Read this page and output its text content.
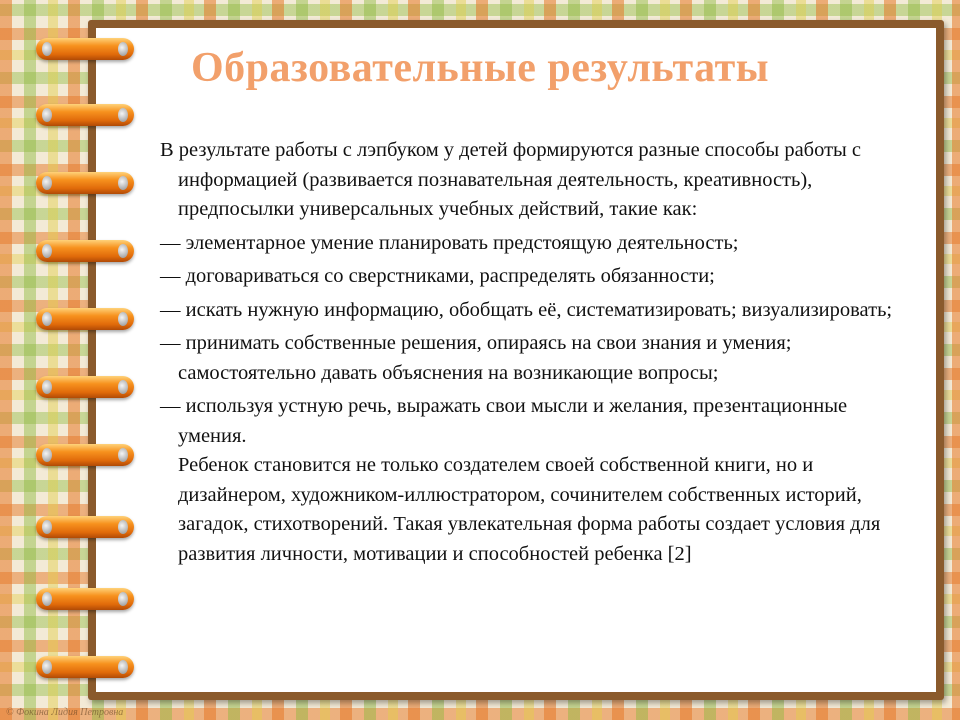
Образовательные результаты

В результате работы с лэпбуком у детей формируются разные способы работы с информацией (развивается познавательная деятельность, креативность), предпосылки универсальных учебных действий, такие как:

— элементарное умение планировать предстоящую деятельность;

— договариваться со сверстниками, распределять обязанности;

— искать нужную информацию, обобщать её, систематизировать; визуализировать;

— принимать собственные решения, опираясь на свои знания и умения; самостоятельно давать объяснения на возникающие вопросы;

— используя устную речь, выражать свои мысли и желания, презентационные умения.

Ребенок становится не только создателем своей собственной книги, но и дизайнером, художником-иллюстратором, сочинителем собственных историй, загадок, стихотворений. Такая увлекательная форма работы создает условия для развития личности, мотивации и способностей ребенка [2]

© Фокина Лидия Петровна
